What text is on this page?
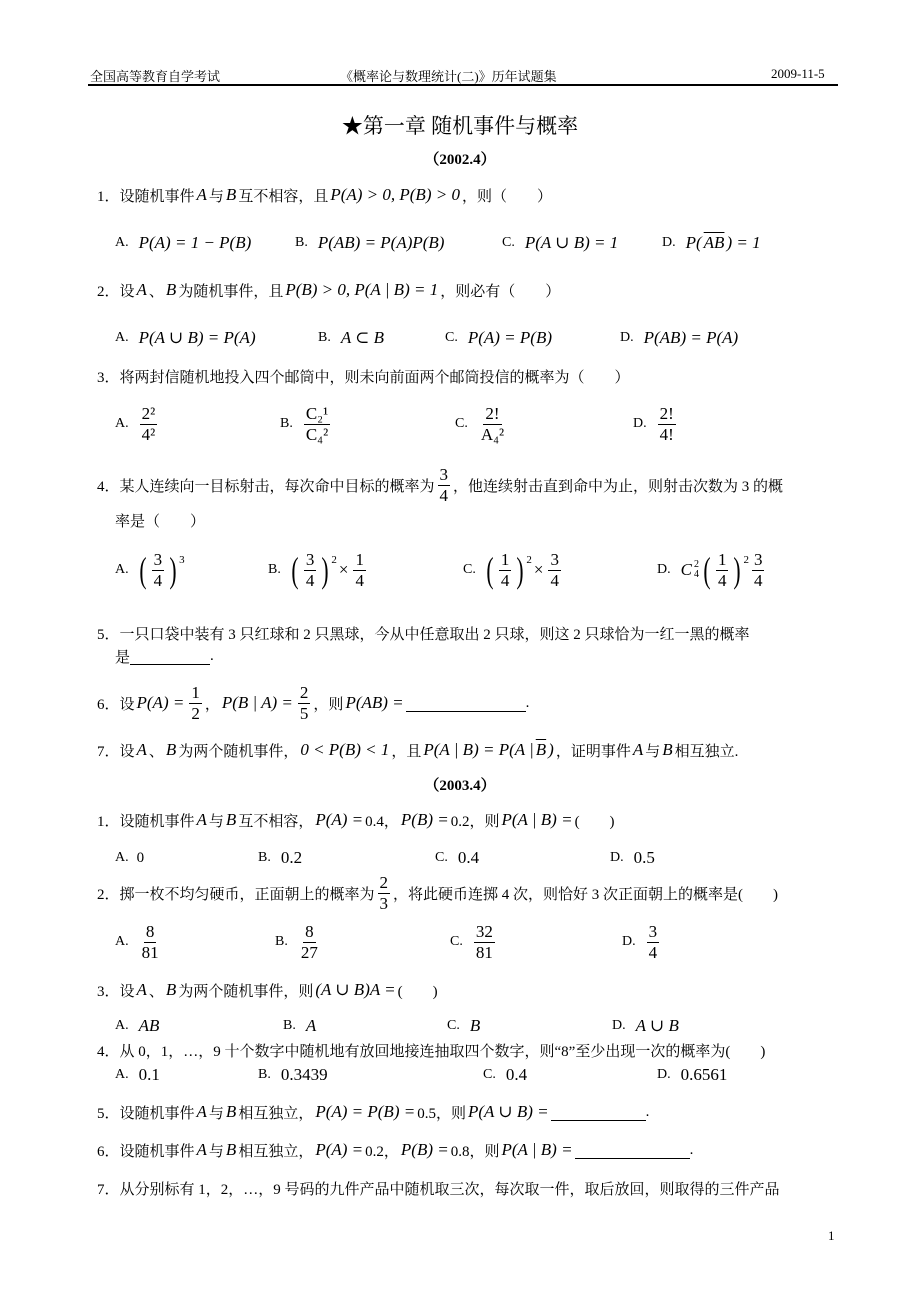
全国高等教育自学考试	《概率论与数理统计(二)》历年试题集	2009-11-5
★第一章 随机事件与概率
（2002.4）
1．设随机事件 A 与 B 互不相容，且 P(A) > 0, P(B) > 0 ，则（　　）
A. P(A) = 1 − P(B)	B. P(AB) = P(A)P(B)	C. P(A ∪ B) = 1	D. P( $\overline{AB}$ ) = 1
2．设 A 、 B 为随机事件，且 P(B) > 0, P(A | B) = 1 ，则必有（　　）
A. P(A ∪ B) = P(A)	B. A ⊂ B	C. P(A) = P(B)	D. P(AB) = P(A)
3．将两封信随机地投入四个邮筒中，则未向前面两个邮筒投信的概率为（　　）
A. $\frac{\text{2²}}{\text{4²}}$	B. $\frac{\text{C₂¹}}{\text{C₄²}}$	C. $\frac{2!}{\text{A₄²}}$	D. $\frac{2!}{4!}$
4．某人连续向一目标射击，每次命中目标的概率为 $\frac{3}{4}$ ，他连续射击直到命中为止，则射击次数为 3 的概
率是（　　）
A. ( $\frac{3}{4}$ ) 3
B. ( $\frac{3}{4}$ ) $2 \times \frac{1}{4}$	C. ( $\frac{1}{4}$ ) $2 \times \frac{3}{4}$	D. C 2
4 ( $\frac{1}{4}$ ) $2 \frac{3}{4}$
5．一只口袋中装有 3 只红球和 2 只黑球，今从中任意取出 2 只球，则这 2 只球恰为一红一黑的概率
是	.
6．设 $P(A) = \frac{1}{2}$ ， P(B | $A) = \frac{2}{5}$ ，则 P(AB) =	.
7．设 A 、 B 为两个随机事件， 0 < P(B) < 1 ，且 P(A | B) = P(A | $\overline{B}$ ) ，证明事件 A 与 B 相互独立.
（2003.4）
1．设随机事件 A 与 B 互不相容， P(A) = 0.4， P(B) = 0.2，则 P(A | B) = (　　)
A. 0	B. 0.2	C. 0.4	D. 0.5
2．掷一枚不均匀硬币，正面朝上的概率为 $\frac{2}{3}$ ，将此硬币连掷 4 次，则恰好 3 次正面朝上的概率是(　　)
A. $\frac{8}{81}$	B. $\frac{8}{27}$	C. $\frac{32}{81}$	D. $\frac{3}{4}$
3．设 A 、 B 为两个随机事件，则 (A ∪ B)A = (　　)
A. AB	B. A	C. B	D. A ∪ B
4．从 0，1，…，9 十个数字中随机地有放回地接连抽取四个数字，则“8”至少出现一次的概率为(　　)
A. 0.1	B. 0.3439	C. 0.4	D. 0.6561
5．设随机事件 A 与 B 相互独立， P(A) = P(B) = 0.5，则 P(A ∪ B) =	.
6．设随机事件 A 与 B 相互独立， P(A) = 0.2， P(B) = 0.8，则 P(A | B) =	.
7．从分别标有 1，2，…，9 号码的九件产品中随机取三次，每次取一件，取后放回，则取得的三件产品
1
